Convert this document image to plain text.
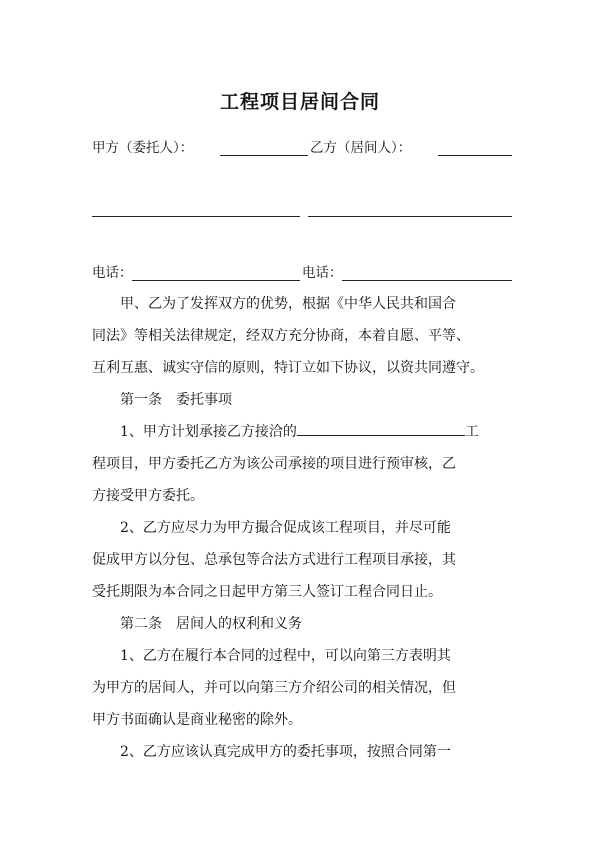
工程项目居间合同
甲方（委托人）：	乙方（居间人）：
电话：	电话：
甲、乙为了发挥双方的优势，根据《中华人民共和国合
同法》等相关法律规定，经双方充分协商，本着自愿、平等、
互利互惠、诚实守信的原则，特订立如下协议，以资共同遵守。
第一条　委托事项
1、甲方计划承接乙方接洽的	工
程项目，甲方委托乙方为该公司承接的项目进行预审核，乙
方接受甲方委托。
2、乙方应尽力为甲方撮合促成该工程项目，并尽可能
促成甲方以分包、总承包等合法方式进行工程项目承接，其
受托期限为本合同之日起甲方第三人签订工程合同日止。
第二条　居间人的权利和义务
1、乙方在履行本合同的过程中，可以向第三方表明其
为甲方的居间人，并可以向第三方介绍公司的相关情况，但
甲方书面确认是商业秘密的除外。
2、乙方应该认真完成甲方的委托事项，按照合同第一
